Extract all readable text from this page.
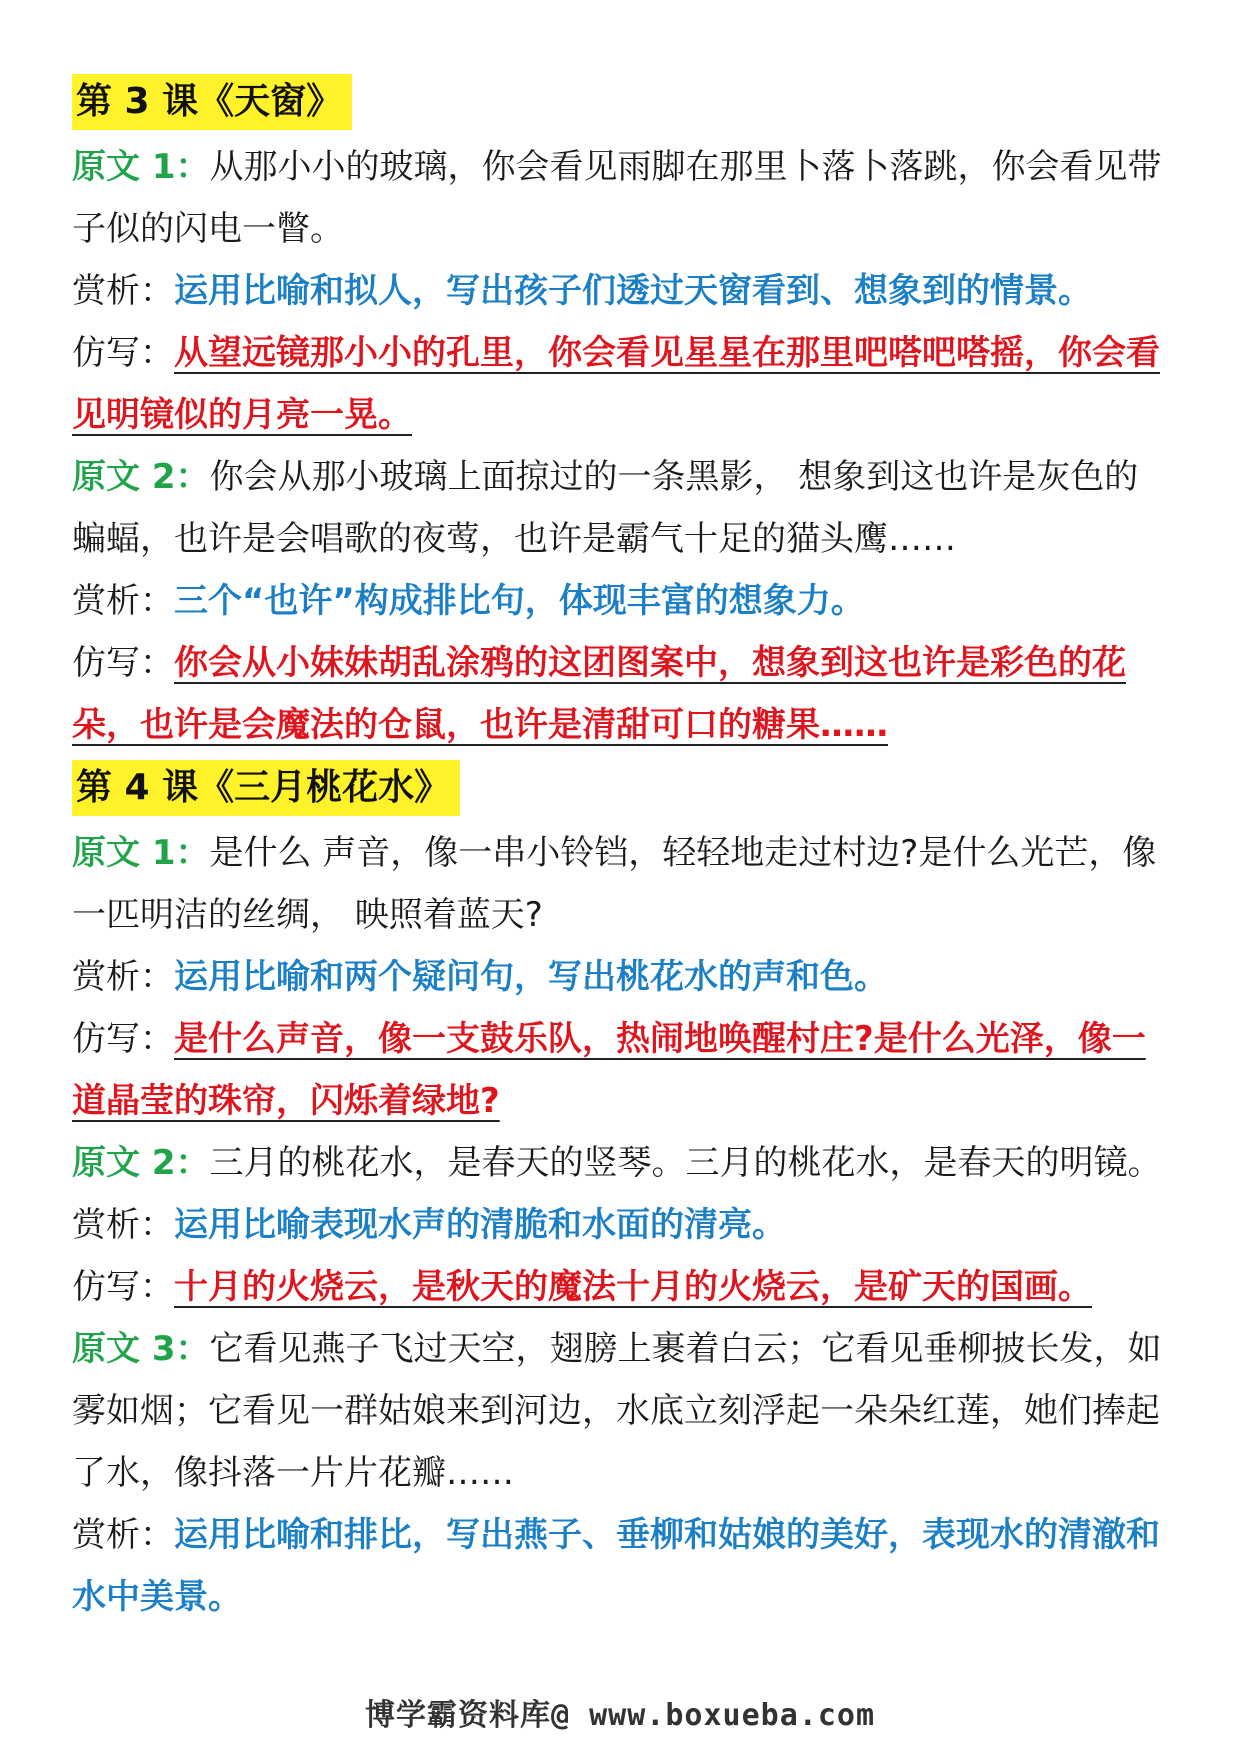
第 3 课《天窗》

原文 1：从那小小的玻璃，你会看见雨脚在那里卜落卜落跳，你会看见带子似的闪电一瞥。

赏析：运用比喻和拟人，写出孩子们透过天窗看到、想象到的情景。

仿写：从望远镜那小小的孔里，你会看见星星在那里吧嗒吧嗒摇，你会看见明镜似的月亮一晃。

原文 2：你会从那小玻璃上面掠过的一条黑影， 想象到这也许是灰色的蝙蝠，也许是会唱歌的夜莺，也许是霸气十足的猫头鹰……

赏析：三个“也许”构成排比句，体现丰富的想象力。

仿写：你会从小妹妹胡乱涂鸦的这团图案中，想象到这也许是彩色的花朵，也许是会魔法的仓鼠，也许是清甜可口的糖果……

第 4 课《三月桃花水》

原文 1：是什么 声音，像一串小铃铛，轻轻地走过村边?是什么光芒，像一匹明洁的丝绸， 映照着蓝天?

赏析：运用比喻和两个疑问句，写出桃花水的声和色。

仿写：是什么声音，像一支鼓乐队，热闹地唤醒村庄?是什么光泽，像一道晶莹的珠帘，闪烁着绿地?

原文 2：三月的桃花水，是春天的竖琴。三月的桃花水，是春天的明镜。

赏析：运用比喻表现水声的清脆和水面的清亮。

仿写：十月的火烧云，是秋天的魔法十月的火烧云，是矿天的国画。

原文 3：它看见燕子飞过天空，翅膀上裹着白云；它看见垂柳披长发，如雾如烟；它看见一群姑娘来到河边，水底立刻浮起一朵朵红莲，她们捧起了水，像抖落一片片花瓣……

赏析：运用比喻和排比，写出燕子、垂柳和姑娘的美好，表现水的清澈和水中美景。

博学霸资料库@ www.boxueba.com
